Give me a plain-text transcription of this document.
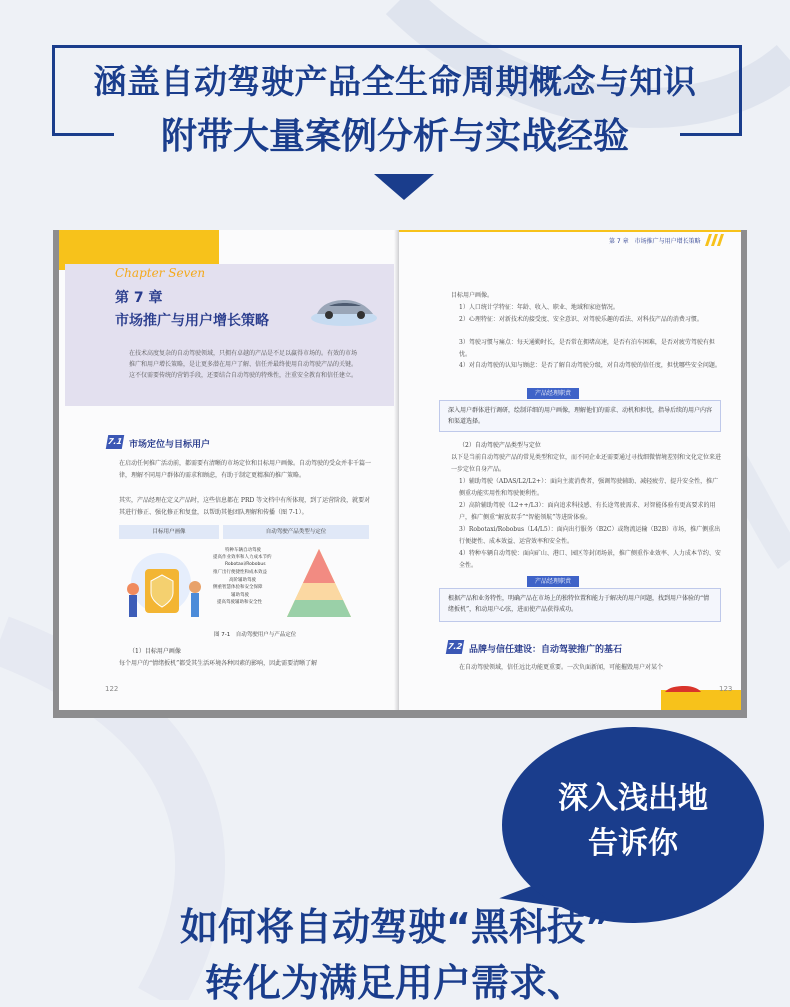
涵盖自动驾驶产品全生命周期概念与知识
附带大量案例分析与实战经验
Chapter Seven
第 7 章
市场推广与用户增长策略
在技术高度复杂的自动驾驶领域，只拥有卓越的产品是不足以赢得市场的。有效的市场推广和用户增长策略，是让更多潜在用户了解、信任并最终使用自动驾驶产品的关键。这不仅需要传统的营销手段，还要结合自动驾驶的特殊性，注重安全教育和信任建立。
7.1 市场定位与目标用户
在启动任何推广活动前，都需要有清晰的市场定位和目标用户画像。自动驾驶的受众并非千篇一律，理解不同用户群体的需求和顾虑，有助于制定更精准的推广策略。
其实，产品经理在定义产品时，这些信息都在 PRD 等文档中有所体现，到了运营阶段，就要对其进行修正、强化修正和复盘，以帮助其他团队理解和传播（图 7-1）。
目标用户画像	自动驾驶产品类型与定位
特种车辆自动驾驶
提高作业效率和人力成本节约
Robotaxi/Robobus
推广出行便捷性和成本效益
高阶辅助驾驶
侧重智慧体验和安全保障
辅助驾驶
提高驾驶辅助和安全性
图 7-1　自动驾驶用户与产品定位
（1）目标用户画像
每个用户的“情绪扳机”都受其生活环境各种因素的影响，因此需要清晰了解
122
第 7 章　市场推广与用户增长策略
目标用户画像。
1）人口统计学特征：年龄、收入、职业、地域和家庭情况。
2）心理特征：对新技术的接受度、安全意识、对驾驶乐趣的看法、对科技产品的消费习惯。
3）驾驶习惯与痛点：每天通勤时长，是否常在拥堵高速，是否有泊车困难，是否对疲劳驾驶有担忧。
4）对自动驾驶的认知与顾虑：是否了解自动驾驶分级，对自动驾驶的信任度，担忧哪些安全问题。
产品经理职责
深入用户群体进行调研，绘制详细的用户画像，理解他们的需求、动机和担忧，指导后续的用户内容和渠道选择。
（2）自动驾驶产品类型与定位
以下是当前自动驾驶产品的常见类型和定位，而不同企业还需要通过寻找细微情境差别和文化定位来进一步定位自身产品。
1）辅助驾驶（ADAS/L2/L2+）：面向主流消费者，强调驾驶辅助、减轻疲劳、提升安全性，推广侧重功能实用性和驾驶便利性。
2）高阶辅助驾驶（L2++/L3）：面向追求科技感、有长途驾驶需求、对智能体验有更高要求的用户，推广侧重“解放双手”“智能领航”等进阶体验。
3）Robotaxi/Robobus（L4/L5）：面向出行服务（B2C）或物流运输（B2B）市场，推广侧重出行便捷性、成本效益、运营效率和安全性。
4）特种车辆自动驾驶：面向矿山、港口、园区等封闭场景，推广侧重作业效率、人力成本节约、安全性。
产品经理职责
根据产品和业务特性，明确产品在市场上的独特位置和能力于解决的用户问题，找到用户体验的“情绪扳机”，和动用户心弦，进而使产品获得成功。
7.2 品牌与信任建设：自动驾驶推广的基石
在自动驾驶领域，信任远比功能更重要。一次负面新闻，可能摧毁用户对某个
123
深入浅出地
告诉你
如何将自动驾驶“黑科技”
转化为满足用户需求、
